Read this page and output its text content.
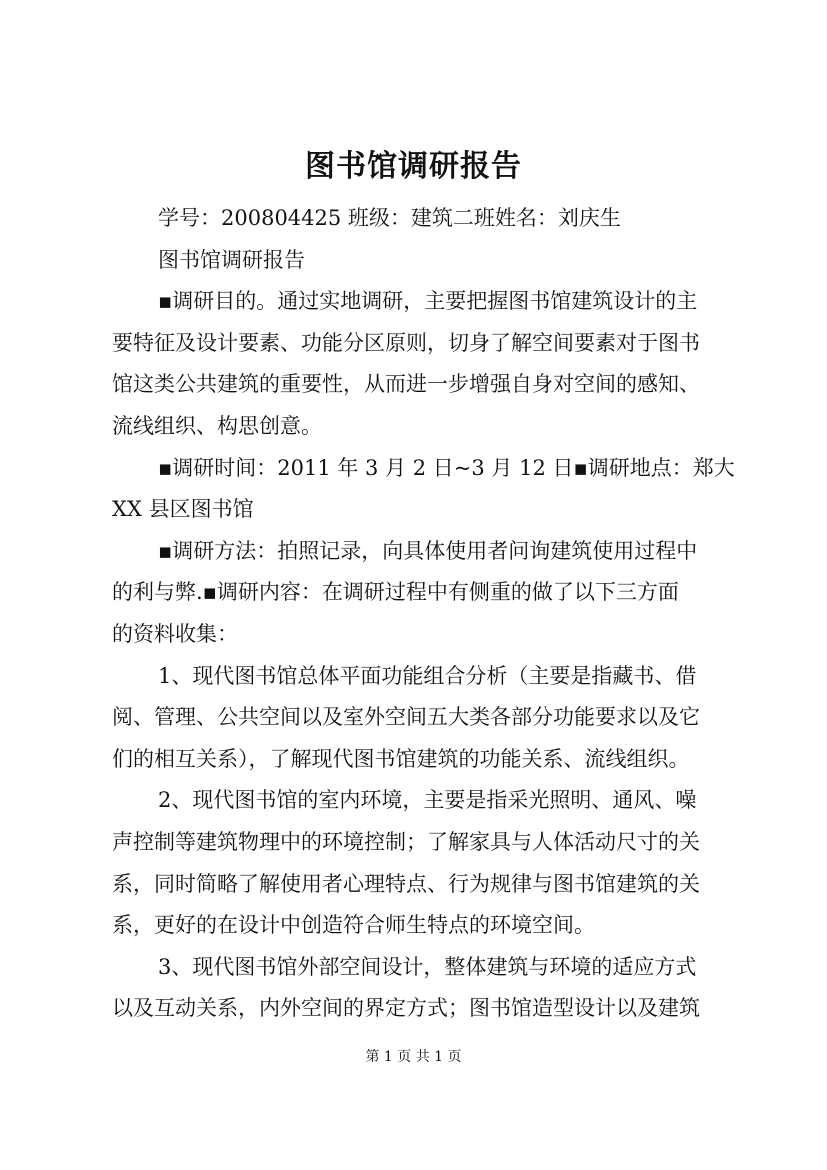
图书馆调研报告
学号：200804425 班级：建筑二班姓名：刘庆生
图书馆调研报告
▪调研目的。通过实地调研，主要把握图书馆建筑设计的主
要特征及设计要素、功能分区原则，切身了解空间要素对于图书
馆这类公共建筑的重要性，从而进一步增强自身对空间的感知、
流线组织、构思创意。
▪调研时间：2011 年 3 月 2 日~3 月 12 日▪调研地点：郑大
XX 县区图书馆
▪调研方法：拍照记录，向具体使用者问询建筑使用过程中
的利与弊.▪调研内容：在调研过程中有侧重的做了以下三方面
的资料收集：
1、现代图书馆总体平面功能组合分析（主要是指藏书、借
阅、管理、公共空间以及室外空间五大类各部分功能要求以及它
们的相互关系），了解现代图书馆建筑的功能关系、流线组织。
2、现代图书馆的室内环境，主要是指采光照明、通风、噪
声控制等建筑物理中的环境控制；了解家具与人体活动尺寸的关
系，同时简略了解使用者心理特点、行为规律与图书馆建筑的关
系，更好的在设计中创造符合师生特点的环境空间。
3、现代图书馆外部空间设计，整体建筑与环境的适应方式
以及互动关系，内外空间的界定方式；图书馆造型设计以及建筑
第 1 页 共 1 页
